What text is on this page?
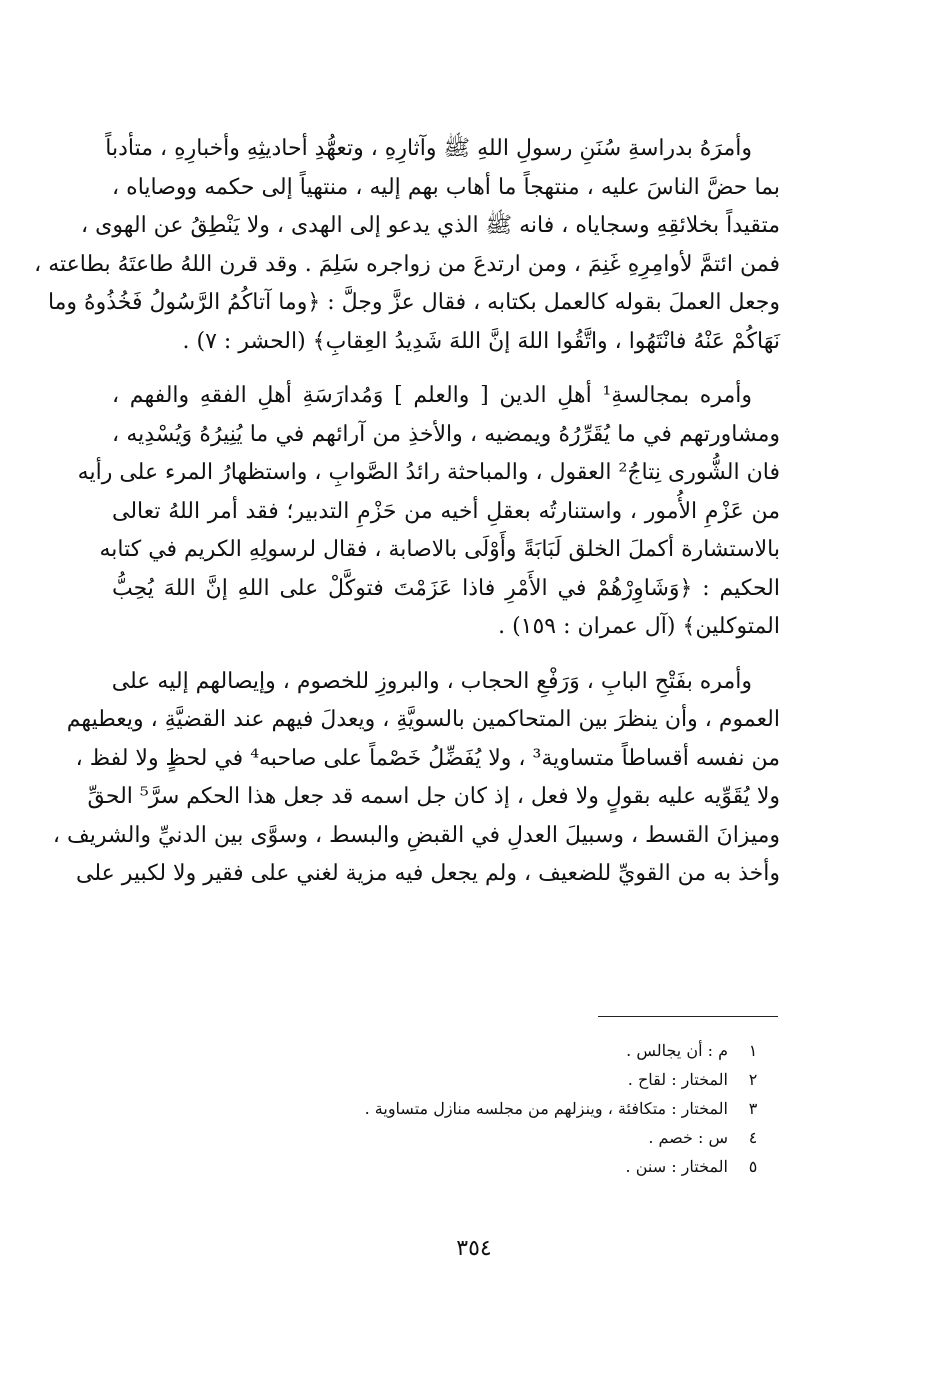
وأمرَهُ بدراسةِ سُنَنِ رسولِ اللهِ ﷺ وآثارِهِ ، وتعهُّدِ أحاديثِهِ وأخبارِهِ ، متأدباً
بما حضَّ الناسَ عليه ، منتهجاً ما أهاب بهم إليه ، منتهياً إلى حكمه ووصاياه ،
متقيداً بخلائقِهِ وسجاياه ، فانه ﷺ الذي يدعو إلى الهدى ، ولا يَنْطِقُ عن الهوى ،
فمن ائتمَّ لأوامِرِهِ غَنِمَ ، ومن ارتدعَ من زواجره سَلِمَ . وقد قرن اللهُ طاعتَهُ بطاعته ،
وجعل العملَ بقوله كالعمل بكتابه ، فقال عزَّ وجلَّ : ﴿وما آتاكُمُ الرَّسُولُ فَخُذُوهُ وما
نَهَاكُمْ عَنْهُ فانْتَهُوا ، واتَّقُوا اللهَ إنَّ اللهَ شَدِيدُ العِقابِ﴾ (الحشر : ٧) .
وأمره بمجالسةِ¹ أهلِ الدين [ والعلم ] وَمُدارَسَةِ أهلِ الفقهِ والفهم ،
ومشاورتهم في ما يُقَرِّرُهُ ويمضيه ، والأخذِ من آرائهم في ما يُنِيرُهُ وَيُسْدِيه ،
فان الشُّورى نِتاجُ² العقول ، والمباحثة رائدُ الصَّوابِ ، واستظهارُ المرء على رأيه
من عَزْمِ الأُمور ، واستنارتُه بعقلِ أخيه من حَزْمِ التدبير؛ فقد أمر اللهُ تعالى
بالاستشارة أكملَ الخلق لَبَابَةً وأَوْلَى بالاصابة ، فقال لرسولِهِ الكريم في كتابه
الحكيم : ﴿وَشَاوِرْهُمْ في الأَمْرِ فاذا عَزَمْتَ فتوكَّلْ على اللهِ إنَّ اللهَ يُحِبُّ
المتوكلين﴾ (آل عمران : ١٥٩) .
وأمره بفَتْحِ البابِ ، وَرَفْعِ الحجاب ، والبروزِ للخصوم ، وإيصالهم إليه على
العموم ، وأن ينظرَ بين المتحاكمين بالسويَّةِ ، ويعدلَ فيهم عند القضيَّةِ ، ويعطيهم
من نفسه أقساطاً متساوية³ ، ولا يُفَضِّلُ خَصْماً على صاحبه⁴ في لحظٍ ولا لفظ ،
ولا يُقَوِّيه عليه بقولٍ ولا فعل ، إذ كان جل اسمه قد جعل هذا الحكم سرَّ⁵ الحقِّ
وميزانَ القسط ، وسبيلَ العدلِ في القبضِ والبسط ، وسوَّى بين الدنيِّ والشريف ،
وأخذ به من القويِّ للضعيف ، ولم يجعل فيه مزية لغني على فقير ولا لكبير على
١
م : أن يجالس .
٢
المختار : لقاح .
٣
المختار : متكافئة ، وينزلهم من مجلسه منازل متساوية .
٤
س : خصم .
٥
المختار : سنن .
٣٥٤
